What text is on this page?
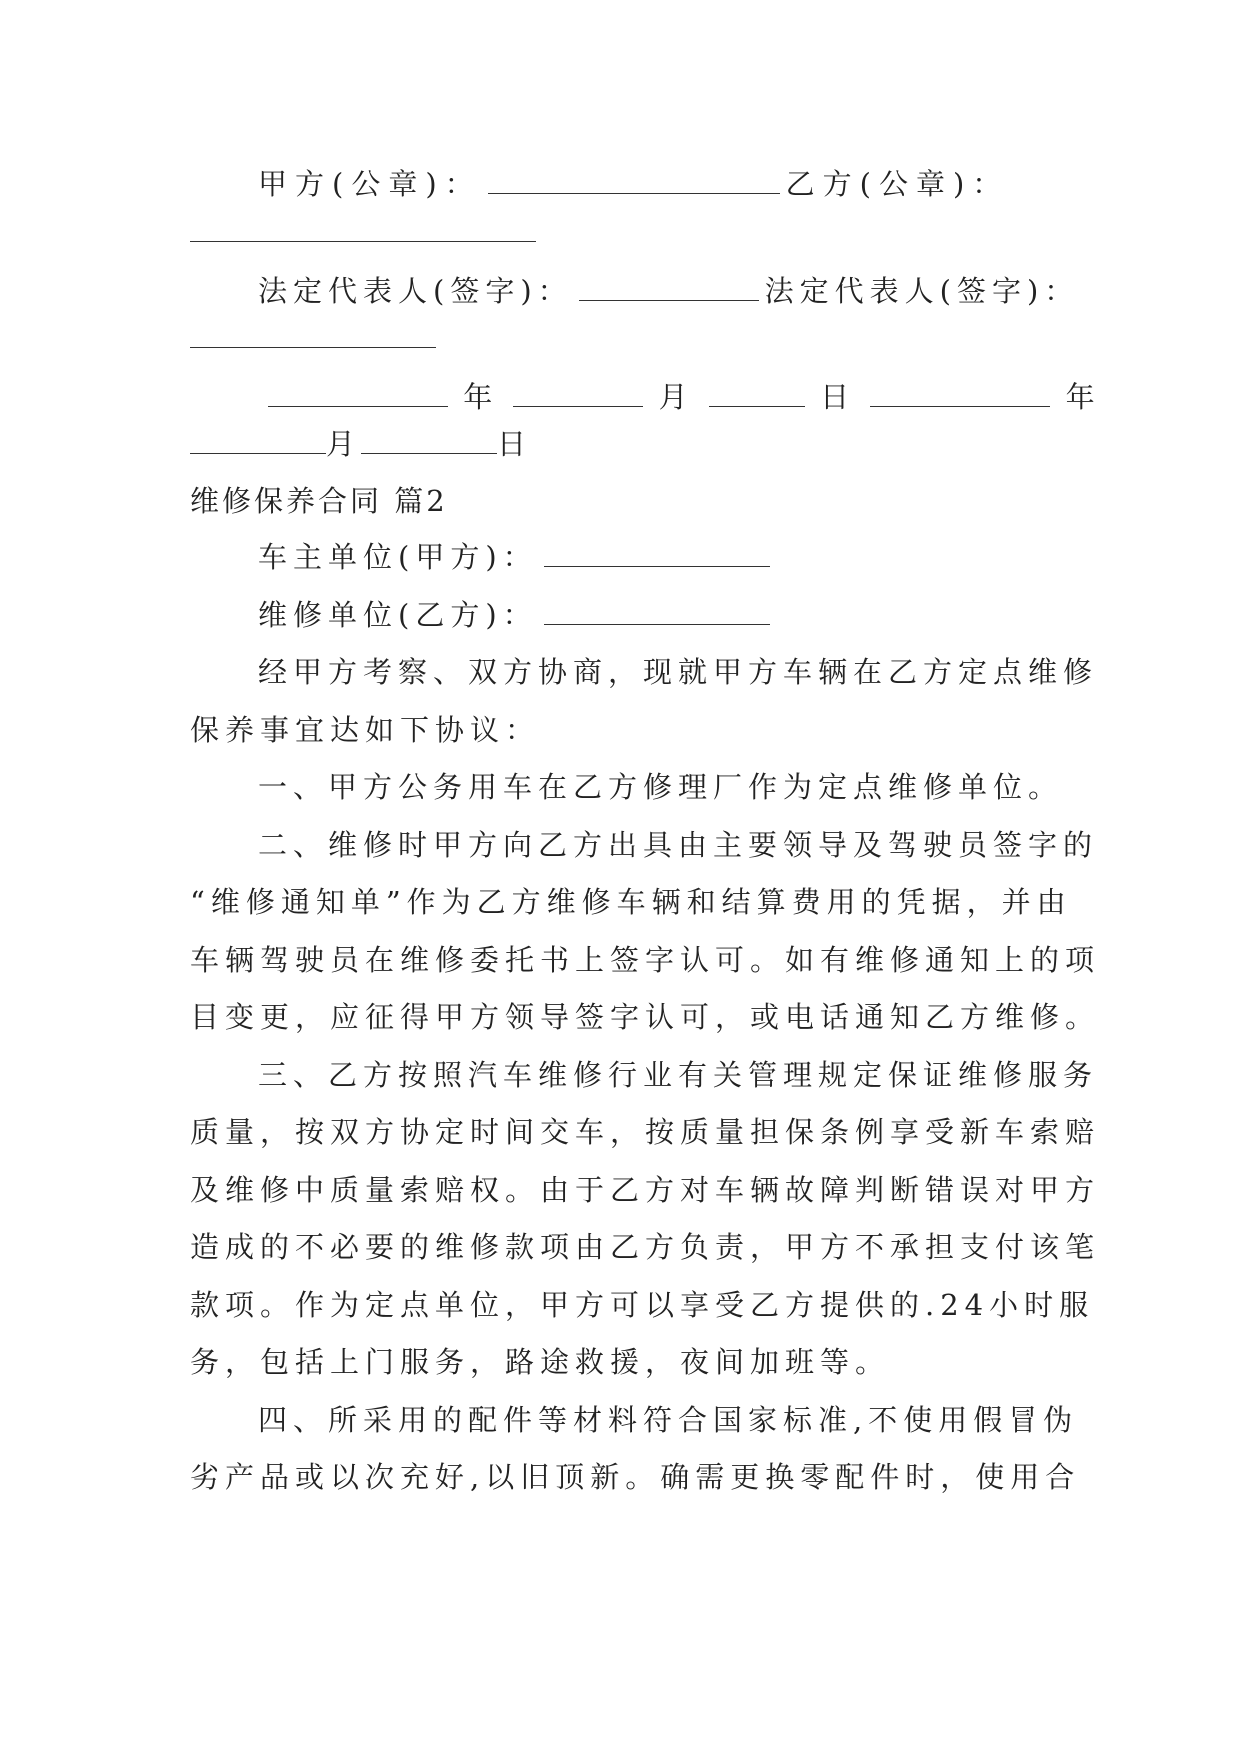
甲方(公章)：	乙方(公章)：
法定代表人(签字)：	法定代表人(签字)：
年	月	日	年
月	日
维修保养合同 篇2
车主单位(甲方)：
维修单位(乙方)：
经甲方考察、双方协商，现就甲方车辆在乙方定点维修
保养事宜达如下协议：
一、甲方公务用车在乙方修理厂作为定点维修单位。
二、维修时甲方向乙方出具由主要领导及驾驶员签字的
“维修通知单”作为乙方维修车辆和结算费用的凭据，并由
车辆驾驶员在维修委托书上签字认可。如有维修通知上的项
目变更，应征得甲方领导签字认可，或电话通知乙方维修。
三、乙方按照汽车维修行业有关管理规定保证维修服务
质量，按双方协定时间交车，按质量担保条例享受新车索赔
及维修中质量索赔权。由于乙方对车辆故障判断错误对甲方
造成的不必要的维修款项由乙方负责，甲方不承担支付该笔
款项。作为定点单位，甲方可以享受乙方提供的.24小时服
务，包括上门服务，路途救援，夜间加班等。
四、所采用的配件等材料符合国家标准,不使用假冒伪
劣产品或以次充好,以旧顶新。确需更换零配件时，使用合
